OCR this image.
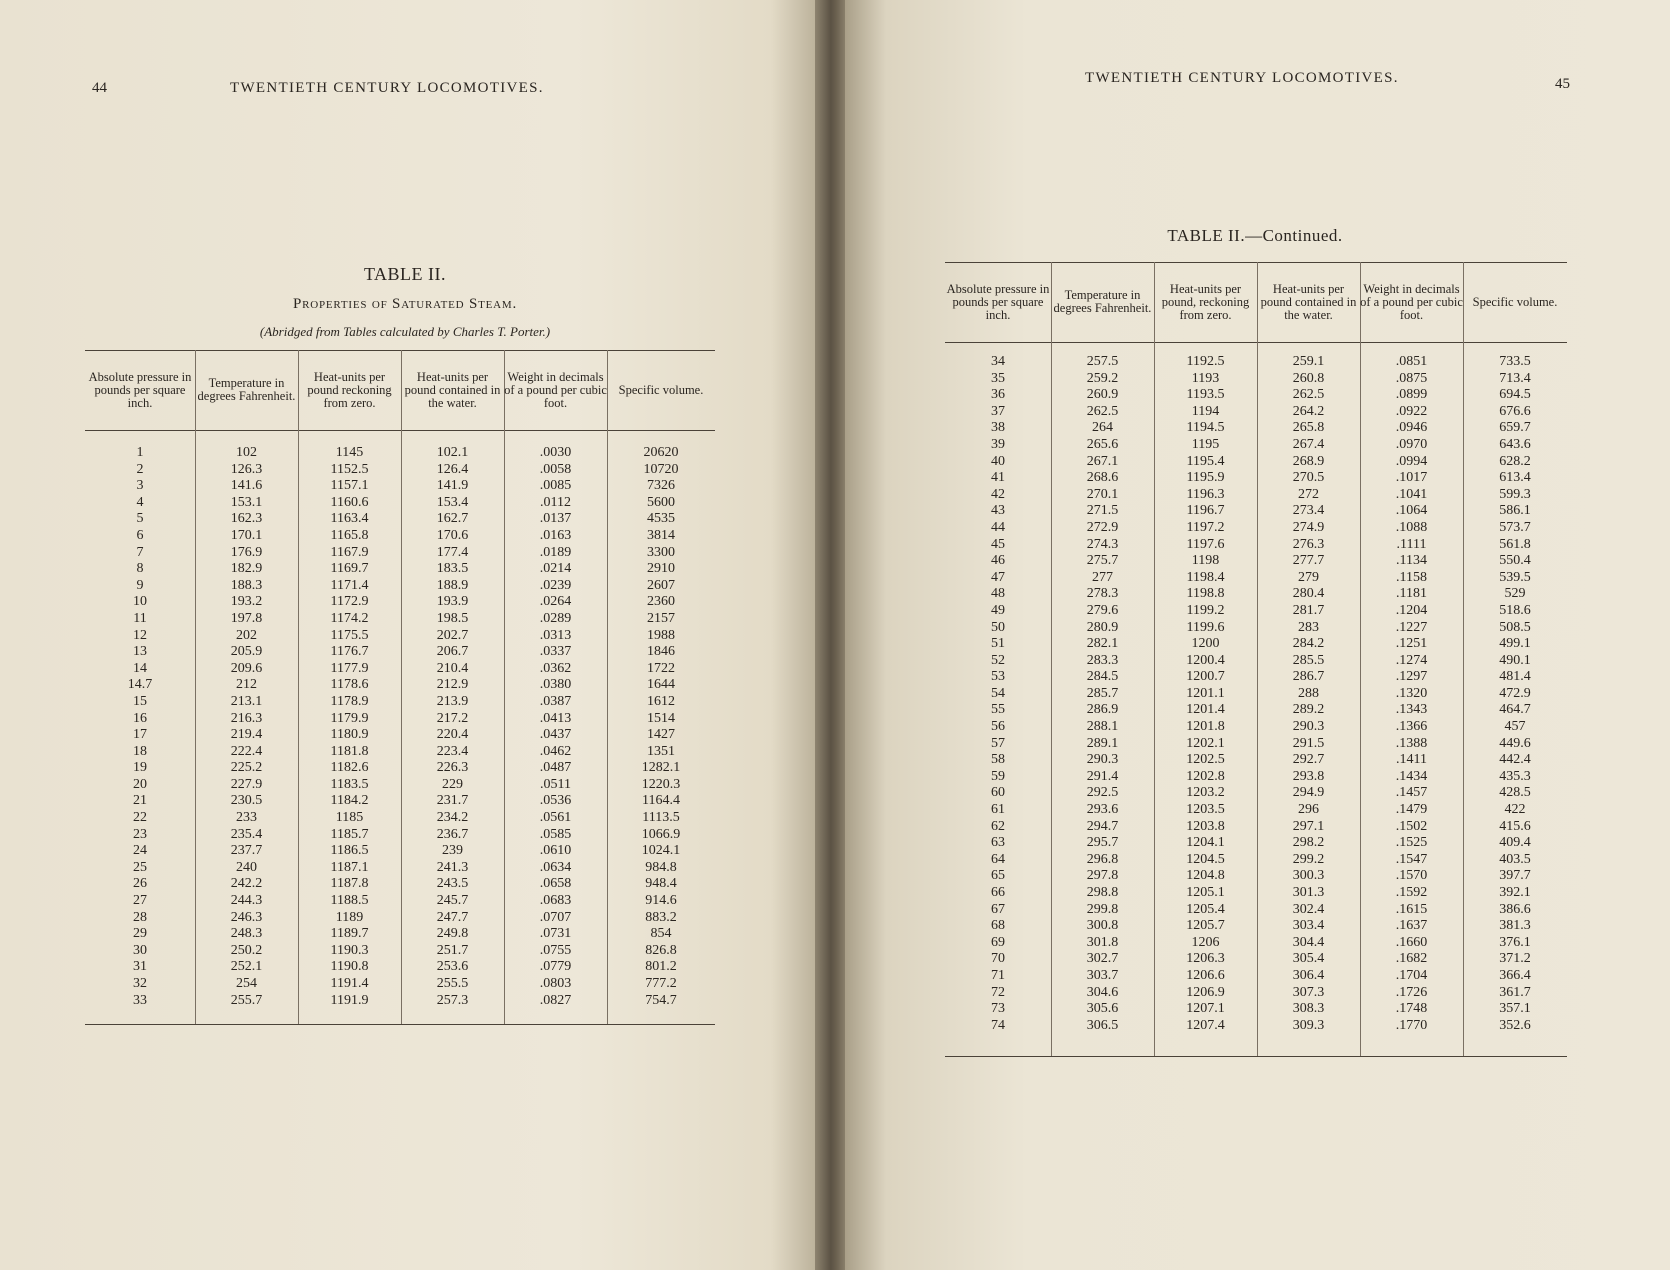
44	TWENTIETH CENTURY LOCOMOTIVES.
TABLE II.
Properties of Saturated Steam.
(Abridged from Tables calculated by Charles T. Porter.)
Absolute pressure in pounds per square inch.
Temperature in degrees Fahrenheit.
Heat-units per pound reckoning from zero.
Heat-units per pound contained in the water.
Weight in decimals of a pound per cubic foot.
Specific volume.
1
2
3
4
5
6
7
8
9
10
11
12
13
14
14.7
15
16
17
18
19
20
21
22
23
24
25
26
27
28
29
30
31
32
33
102
126.3
141.6
153.1
162.3
170.1
176.9
182.9
188.3
193.2
197.8
202
205.9
209.6
212
213.1
216.3
219.4
222.4
225.2
227.9
230.5
233
235.4
237.7
240
242.2
244.3
246.3
248.3
250.2
252.1
254
255.7
1145
1152.5
1157.1
1160.6
1163.4
1165.8
1167.9
1169.7
1171.4
1172.9
1174.2
1175.5
1176.7
1177.9
1178.6
1178.9
1179.9
1180.9
1181.8
1182.6
1183.5
1184.2
1185
1185.7
1186.5
1187.1
1187.8
1188.5
1189
1189.7
1190.3
1190.8
1191.4
1191.9
102.1
126.4
141.9
153.4
162.7
170.6
177.4
183.5
188.9
193.9
198.5
202.7
206.7
210.4
212.9
213.9
217.2
220.4
223.4
226.3
229
231.7
234.2
236.7
239
241.3
243.5
245.7
247.7
249.8
251.7
253.6
255.5
257.3
.0030
.0058
.0085
.0112
.0137
.0163
.0189
.0214
.0239
.0264
.0289
.0313
.0337
.0362
.0380
.0387
.0413
.0437
.0462
.0487
.0511
.0536
.0561
.0585
.0610
.0634
.0658
.0683
.0707
.0731
.0755
.0779
.0803
.0827
20620
10720
7326
5600
4535
3814
3300
2910
2607
2360
2157
1988
1846
1722
1644
1612
1514
1427
1351
1282.1
1220.3
1164.4
1113.5
1066.9
1024.1
984.8
948.4
914.6
883.2
854
826.8
801.2
777.2
754.7
TWENTIETH CENTURY LOCOMOTIVES.	45
TABLE II.—Continued.
Absolute pressure in pounds per square inch.
Temperature in degrees Fahrenheit.
Heat-units per pound, reckoning from zero.
Heat-units per pound contained in the water.
Weight in decimals of a pound per cubic foot.
Specific volume.
34
35
36
37
38
39
40
41
42
43
44
45
46
47
48
49
50
51
52
53
54
55
56
57
58
59
60
61
62
63
64
65
66
67
68
69
70
71
72
73
74
257.5
259.2
260.9
262.5
264
265.6
267.1
268.6
270.1
271.5
272.9
274.3
275.7
277
278.3
279.6
280.9
282.1
283.3
284.5
285.7
286.9
288.1
289.1
290.3
291.4
292.5
293.6
294.7
295.7
296.8
297.8
298.8
299.8
300.8
301.8
302.7
303.7
304.6
305.6
306.5
1192.5
1193
1193.5
1194
1194.5
1195
1195.4
1195.9
1196.3
1196.7
1197.2
1197.6
1198
1198.4
1198.8
1199.2
1199.6
1200
1200.4
1200.7
1201.1
1201.4
1201.8
1202.1
1202.5
1202.8
1203.2
1203.5
1203.8
1204.1
1204.5
1204.8
1205.1
1205.4
1205.7
1206
1206.3
1206.6
1206.9
1207.1
1207.4
259.1
260.8
262.5
264.2
265.8
267.4
268.9
270.5
272
273.4
274.9
276.3
277.7
279
280.4
281.7
283
284.2
285.5
286.7
288
289.2
290.3
291.5
292.7
293.8
294.9
296
297.1
298.2
299.2
300.3
301.3
302.4
303.4
304.4
305.4
306.4
307.3
308.3
309.3
.0851
.0875
.0899
.0922
.0946
.0970
.0994
.1017
.1041
.1064
.1088
.1111
.1134
.1158
.1181
.1204
.1227
.1251
.1274
.1297
.1320
.1343
.1366
.1388
.1411
.1434
.1457
.1479
.1502
.1525
.1547
.1570
.1592
.1615
.1637
.1660
.1682
.1704
.1726
.1748
.1770
733.5
713.4
694.5
676.6
659.7
643.6
628.2
613.4
599.3
586.1
573.7
561.8
550.4
539.5
529
518.6
508.5
499.1
490.1
481.4
472.9
464.7
457
449.6
442.4
435.3
428.5
422
415.6
409.4
403.5
397.7
392.1
386.6
381.3
376.1
371.2
366.4
361.7
357.1
352.6
